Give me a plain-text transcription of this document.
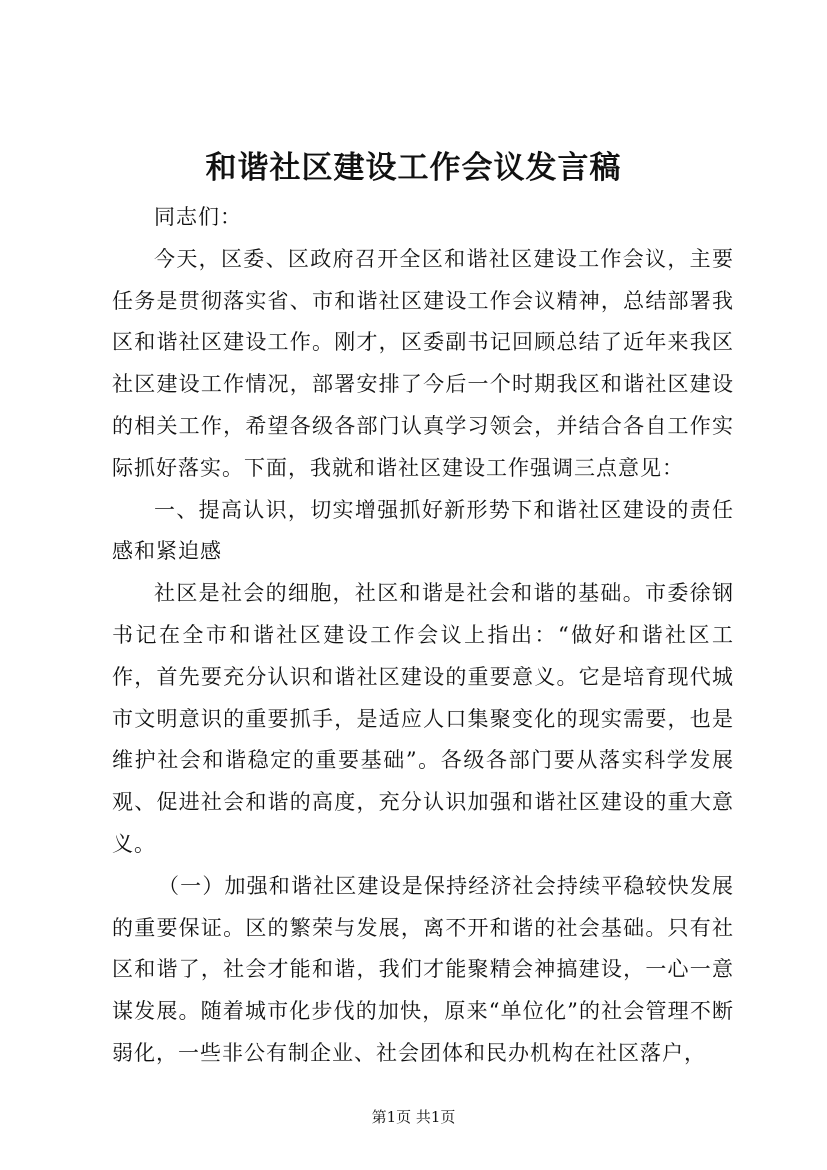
和谐社区建设工作会议发言稿

同志们：

今天，区委、区政府召开全区和谐社区建设工作会议，主要任务是贯彻落实省、市和谐社区建设工作会议精神，总结部署我区和谐社区建设工作。刚才，区委副书记回顾总结了近年来我区社区建设工作情况，部署安排了今后一个时期我区和谐社区建设的相关工作，希望各级各部门认真学习领会，并结合各自工作实际抓好落实。下面，我就和谐社区建设工作强调三点意见：

一、提高认识，切实增强抓好新形势下和谐社区建设的责任感和紧迫感

社区是社会的细胞，社区和谐是社会和谐的基础。市委徐钢书记在全市和谐社区建设工作会议上指出：“做好和谐社区工作，首先要充分认识和谐社区建设的重要意义。它是培育现代城市文明意识的重要抓手，是适应人口集聚变化的现实需要，也是维护社会和谐稳定的重要基础”。各级各部门要从落实科学发展观、促进社会和谐的高度，充分认识加强和谐社区建设的重大意义。

（一）加强和谐社区建设是保持经济社会持续平稳较快发展的重要保证。区的繁荣与发展，离不开和谐的社会基础。只有社区和谐了，社会才能和谐，我们才能聚精会神搞建设，一心一意谋发展。随着城市化步伐的加快，原来“单位化”的社会管理不断弱化，一些非公有制企业、社会团体和民办机构在社区落户，

第1页 共1页
